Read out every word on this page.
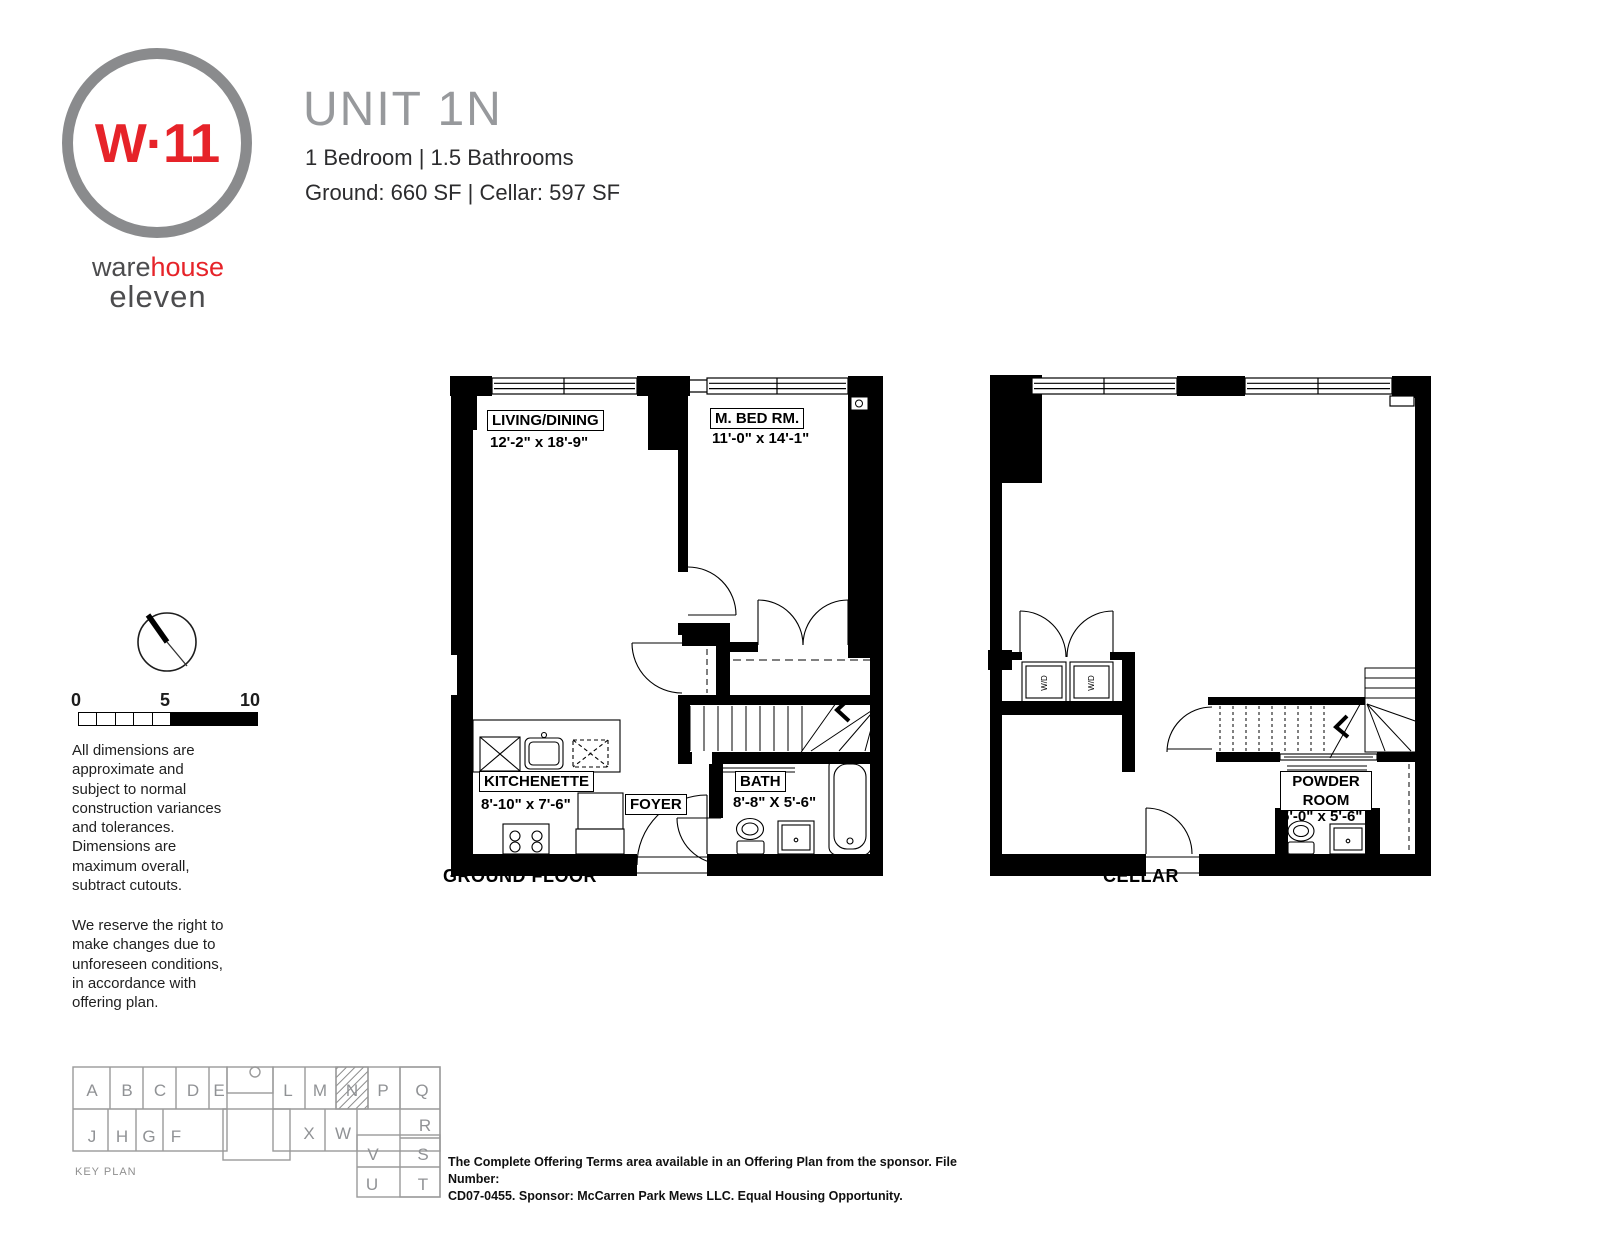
W·11
warehouse
eleven
UNIT 1N
1 Bedroom | 1.5 Bathrooms
Ground: 660 SF | Cellar: 597 SF
LIVING/DINING
12'-2" x 18'-9"
M. BED RM.
11'-0" x 14'-1"
KITCHENETTE
8'-10" x 7'-6"	FOYER
BATH
8'-8" X 5'-6"
GROUND FLOOR
W/D	W/D
POWDER
ROOM
5'-0" x 5'-6"
CELLAR
0	5	10
All dimensions are
approximate and
subject to normal
construction variances
and tolerances.
Dimensions are
maximum overall,
subtract cutouts.
We reserve the right to
make changes due to
unforeseen conditions,
in accordance with
offering plan.
A B C D E	L M N P Q
J H G F	X W	R
S
V
U T
KEY PLAN
The Complete Offering Terms area available in an Offering Plan from the sponsor. File Number:
CD07-0455. Sponsor: McCarren Park Mews LLC. Equal Housing Opportunity.
